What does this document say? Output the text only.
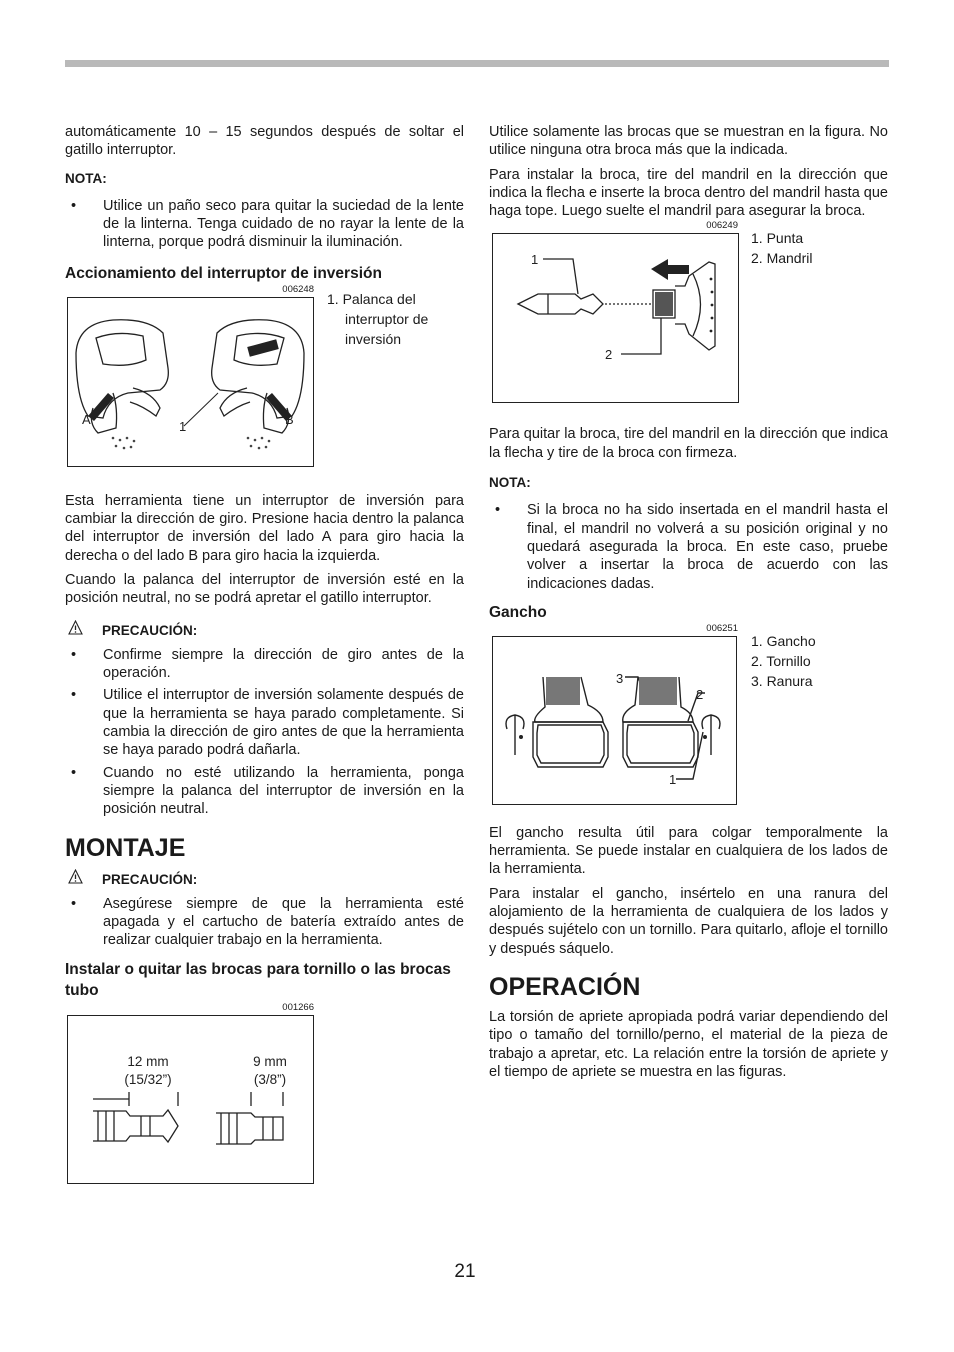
automáticamente 10 – 15 segundos después de soltar el gatillo interruptor.

NOTA:
• Utilice un paño seco para quitar la suciedad de la lente de la linterna. Tenga cuidado de no rayar la lente de la linterna, porque podrá disminuir la iluminación.
Accionamiento del interruptor de inversión
006248
A	B
1
1. Palanca del
interruptor de
inversión

Esta herramienta tiene un interruptor de inversión para cambiar la dirección de giro. Presione hacia dentro la palanca del interruptor de inversión del lado A para giro hacia la derecha o del lado B para giro hacia la izquierda.

Cuando la palanca del interruptor de inversión esté en la posición neutral, no se podrá apretar el gatillo interruptor.

PRECAUCIÓN:
• Confirme siempre la dirección de giro antes de la operación.
• Utilice el interruptor de inversión solamente después de que la herramienta se haya parado completamente. Si cambia la dirección de giro antes de que la herramienta se haya parado podrá dañarla.
• Cuando no esté utilizando la herramienta, ponga siempre la palanca del interruptor de inversión en la posición neutral.
MONTAJE
PRECAUCIÓN:
• Asegúrese siempre de que la herramienta esté apagada y el cartucho de batería extraído antes de realizar cualquier trabajo en la herramienta.
Instalar o quitar las brocas para tornillo o las brocas tubo
001266
12 mm
(15/32”)
9 mm
(3/8”)

Utilice solamente las brocas que se muestran en la figura. No utilice ninguna otra broca más que la indicada.

Para instalar la broca, tire del mandril en la dirección que indica la flecha e inserte la broca dentro del mandril hasta que haga tope. Luego suelte el mandril para asegurar la broca.

006249
1
2
1. Punta
2. Mandril

Para quitar la broca, tire del mandril en la dirección que indica la flecha y tire de la broca con firmeza.

NOTA:
• Si la broca no ha sido insertada en el mandril hasta el final, el mandril no volverá a su posición original y no quedará asegurada la broca. En este caso, pruebe volver a insertar la broca de acuerdo con las indicaciones dadas.
Gancho
006251
3
2
1
1. Gancho
2. Tornillo
3. Ranura

El gancho resulta útil para colgar temporalmente la herramienta. Se puede instalar en cualquiera de los lados de la herramienta.

Para instalar el gancho, insértelo en una ranura del alojamiento de la herramienta de cualquiera de los lados y después sujételo con un tornillo. Para quitarlo, afloje el tornillo y después sáquelo.

OPERACIÓN

La torsión de apriete apropiada podrá variar dependiendo del tipo o tamaño del tornillo/perno, el material de la pieza de trabajo a apretar, etc. La relación entre la torsión de apriete y el tiempo de apriete se muestra en las figuras.

21
